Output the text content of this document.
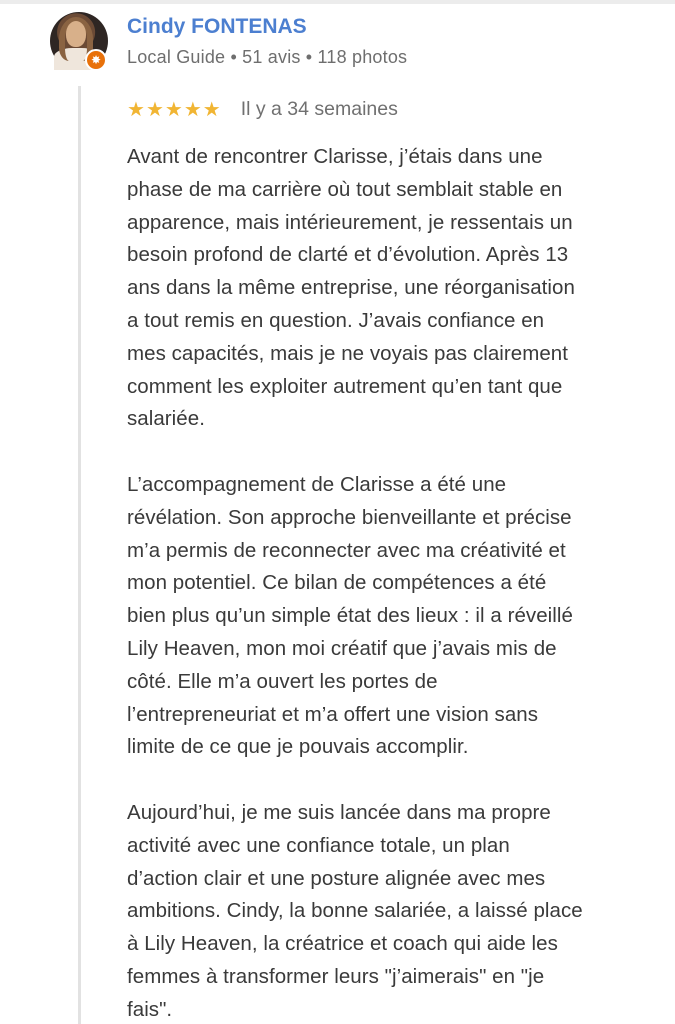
✸
Cindy FONTENAS
Local Guide • 51 avis • 118 photos
★ ★ ★ ★ ★ Il y a 34 semaines

Avant de rencontrer Clarisse, j’étais dans une
phase de ma carrière où tout semblait stable en
apparence, mais intérieurement, je ressentais un
besoin profond de clarté et d’évolution. Après 13
ans dans la même entreprise, une réorganisation
a tout remis en question. J’avais confiance en
mes capacités, mais je ne voyais pas clairement
comment les exploiter autrement qu’en tant que
salariée.

L’accompagnement de Clarisse a été une
révélation. Son approche bienveillante et précise
m’a permis de reconnecter avec ma créativité et
mon potentiel. Ce bilan de compétences a été
bien plus qu’un simple état des lieux : il a réveillé
Lily Heaven, mon moi créatif que j’avais mis de
côté. Elle m’a ouvert les portes de
l’entrepreneuriat et m’a offert une vision sans
limite de ce que je pouvais accomplir.

Aujourd’hui, je me suis lancée dans ma propre
activité avec une confiance totale, un plan
d’action clair et une posture alignée avec mes
ambitions. Cindy, la bonne salariée, a laissé place
à Lily Heaven, la créatrice et coach qui aide les
femmes à transformer leurs "j’aimerais" en "je
fais".
